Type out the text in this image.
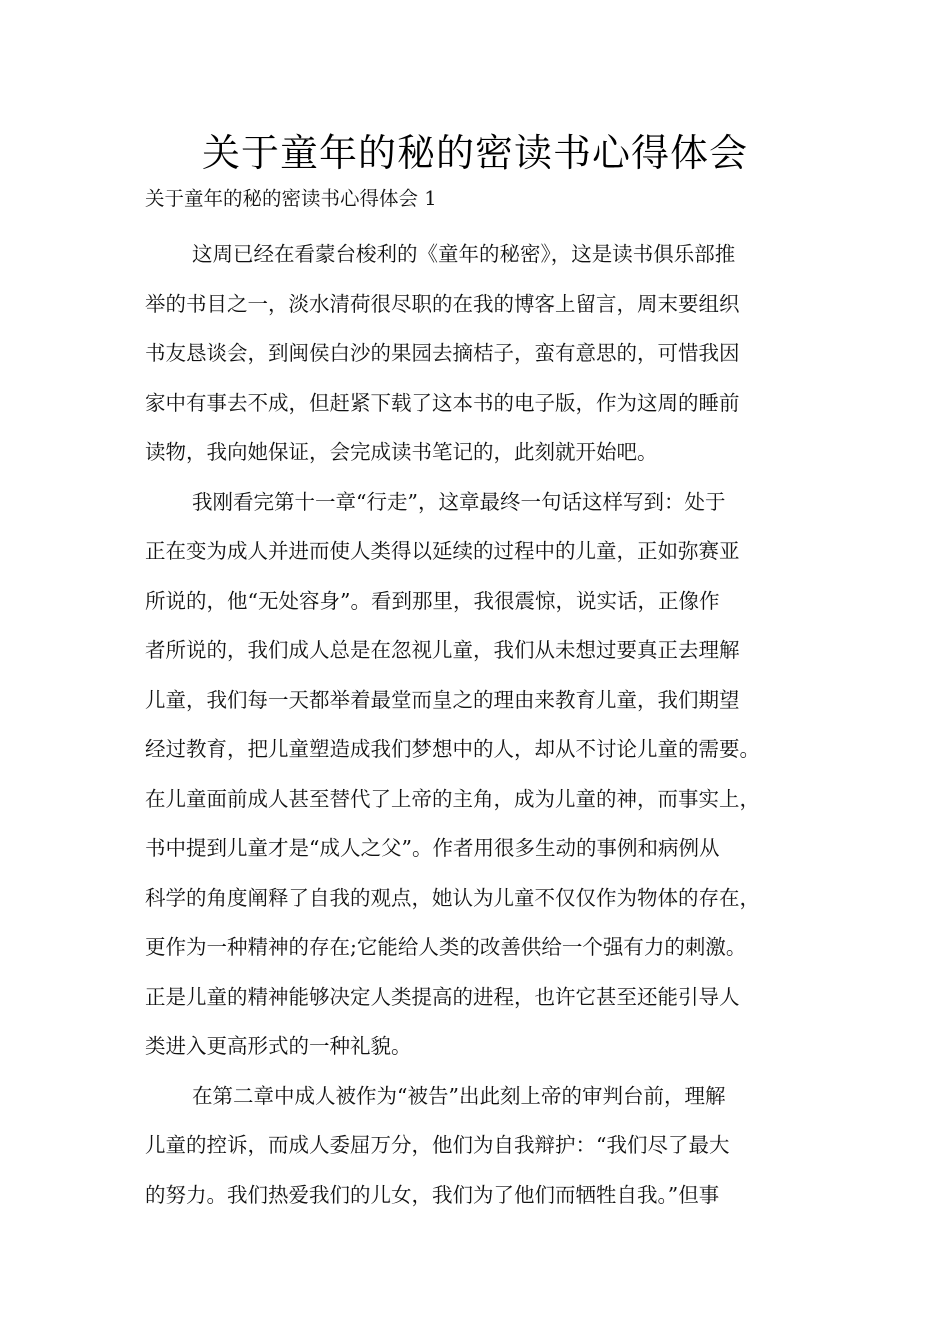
关于童年的秘的密读书心得体会

关于童年的秘的密读书心得体会 1

这周已经在看蒙台梭利的《童年的秘密》，这是读书俱乐部推
举的书目之一，淡水清荷很尽职的在我的博客上留言，周末要组织
书友恳谈会，到闽侯白沙的果园去摘桔子，蛮有意思的，可惜我因
家中有事去不成，但赶紧下载了这本书的电子版，作为这周的睡前
读物，我向她保证，会完成读书笔记的，此刻就开始吧。
我刚看完第十一章“行走”，这章最终一句话这样写到：处于
正在变为成人并进而使人类得以延续的过程中的儿童，正如弥赛亚
所说的，他“无处容身”。看到那里，我很震惊，说实话，正像作
者所说的，我们成人总是在忽视儿童，我们从未想过要真正去理解
儿童，我们每一天都举着最堂而皇之的理由来教育儿童，我们期望
经过教育，把儿童塑造成我们梦想中的人，却从不讨论儿童的需要。
在儿童面前成人甚至替代了上帝的主角，成为儿童的神，而事实上，
书中提到儿童才是“成人之父”。作者用很多生动的事例和病例从
科学的角度阐释了自我的观点，她认为儿童不仅仅作为物体的存在，
更作为一种精神的存在;它能给人类的改善供给一个强有力的刺激。
正是儿童的精神能够决定人类提高的进程，也许它甚至还能引导人
类进入更高形式的一种礼貌。
在第二章中成人被作为“被告”出此刻上帝的审判台前，理解
儿童的控诉，而成人委屈万分，他们为自我辩护：“我们尽了最大
的努力。我们热爱我们的儿女，我们为了他们而牺牲自我。”但事
